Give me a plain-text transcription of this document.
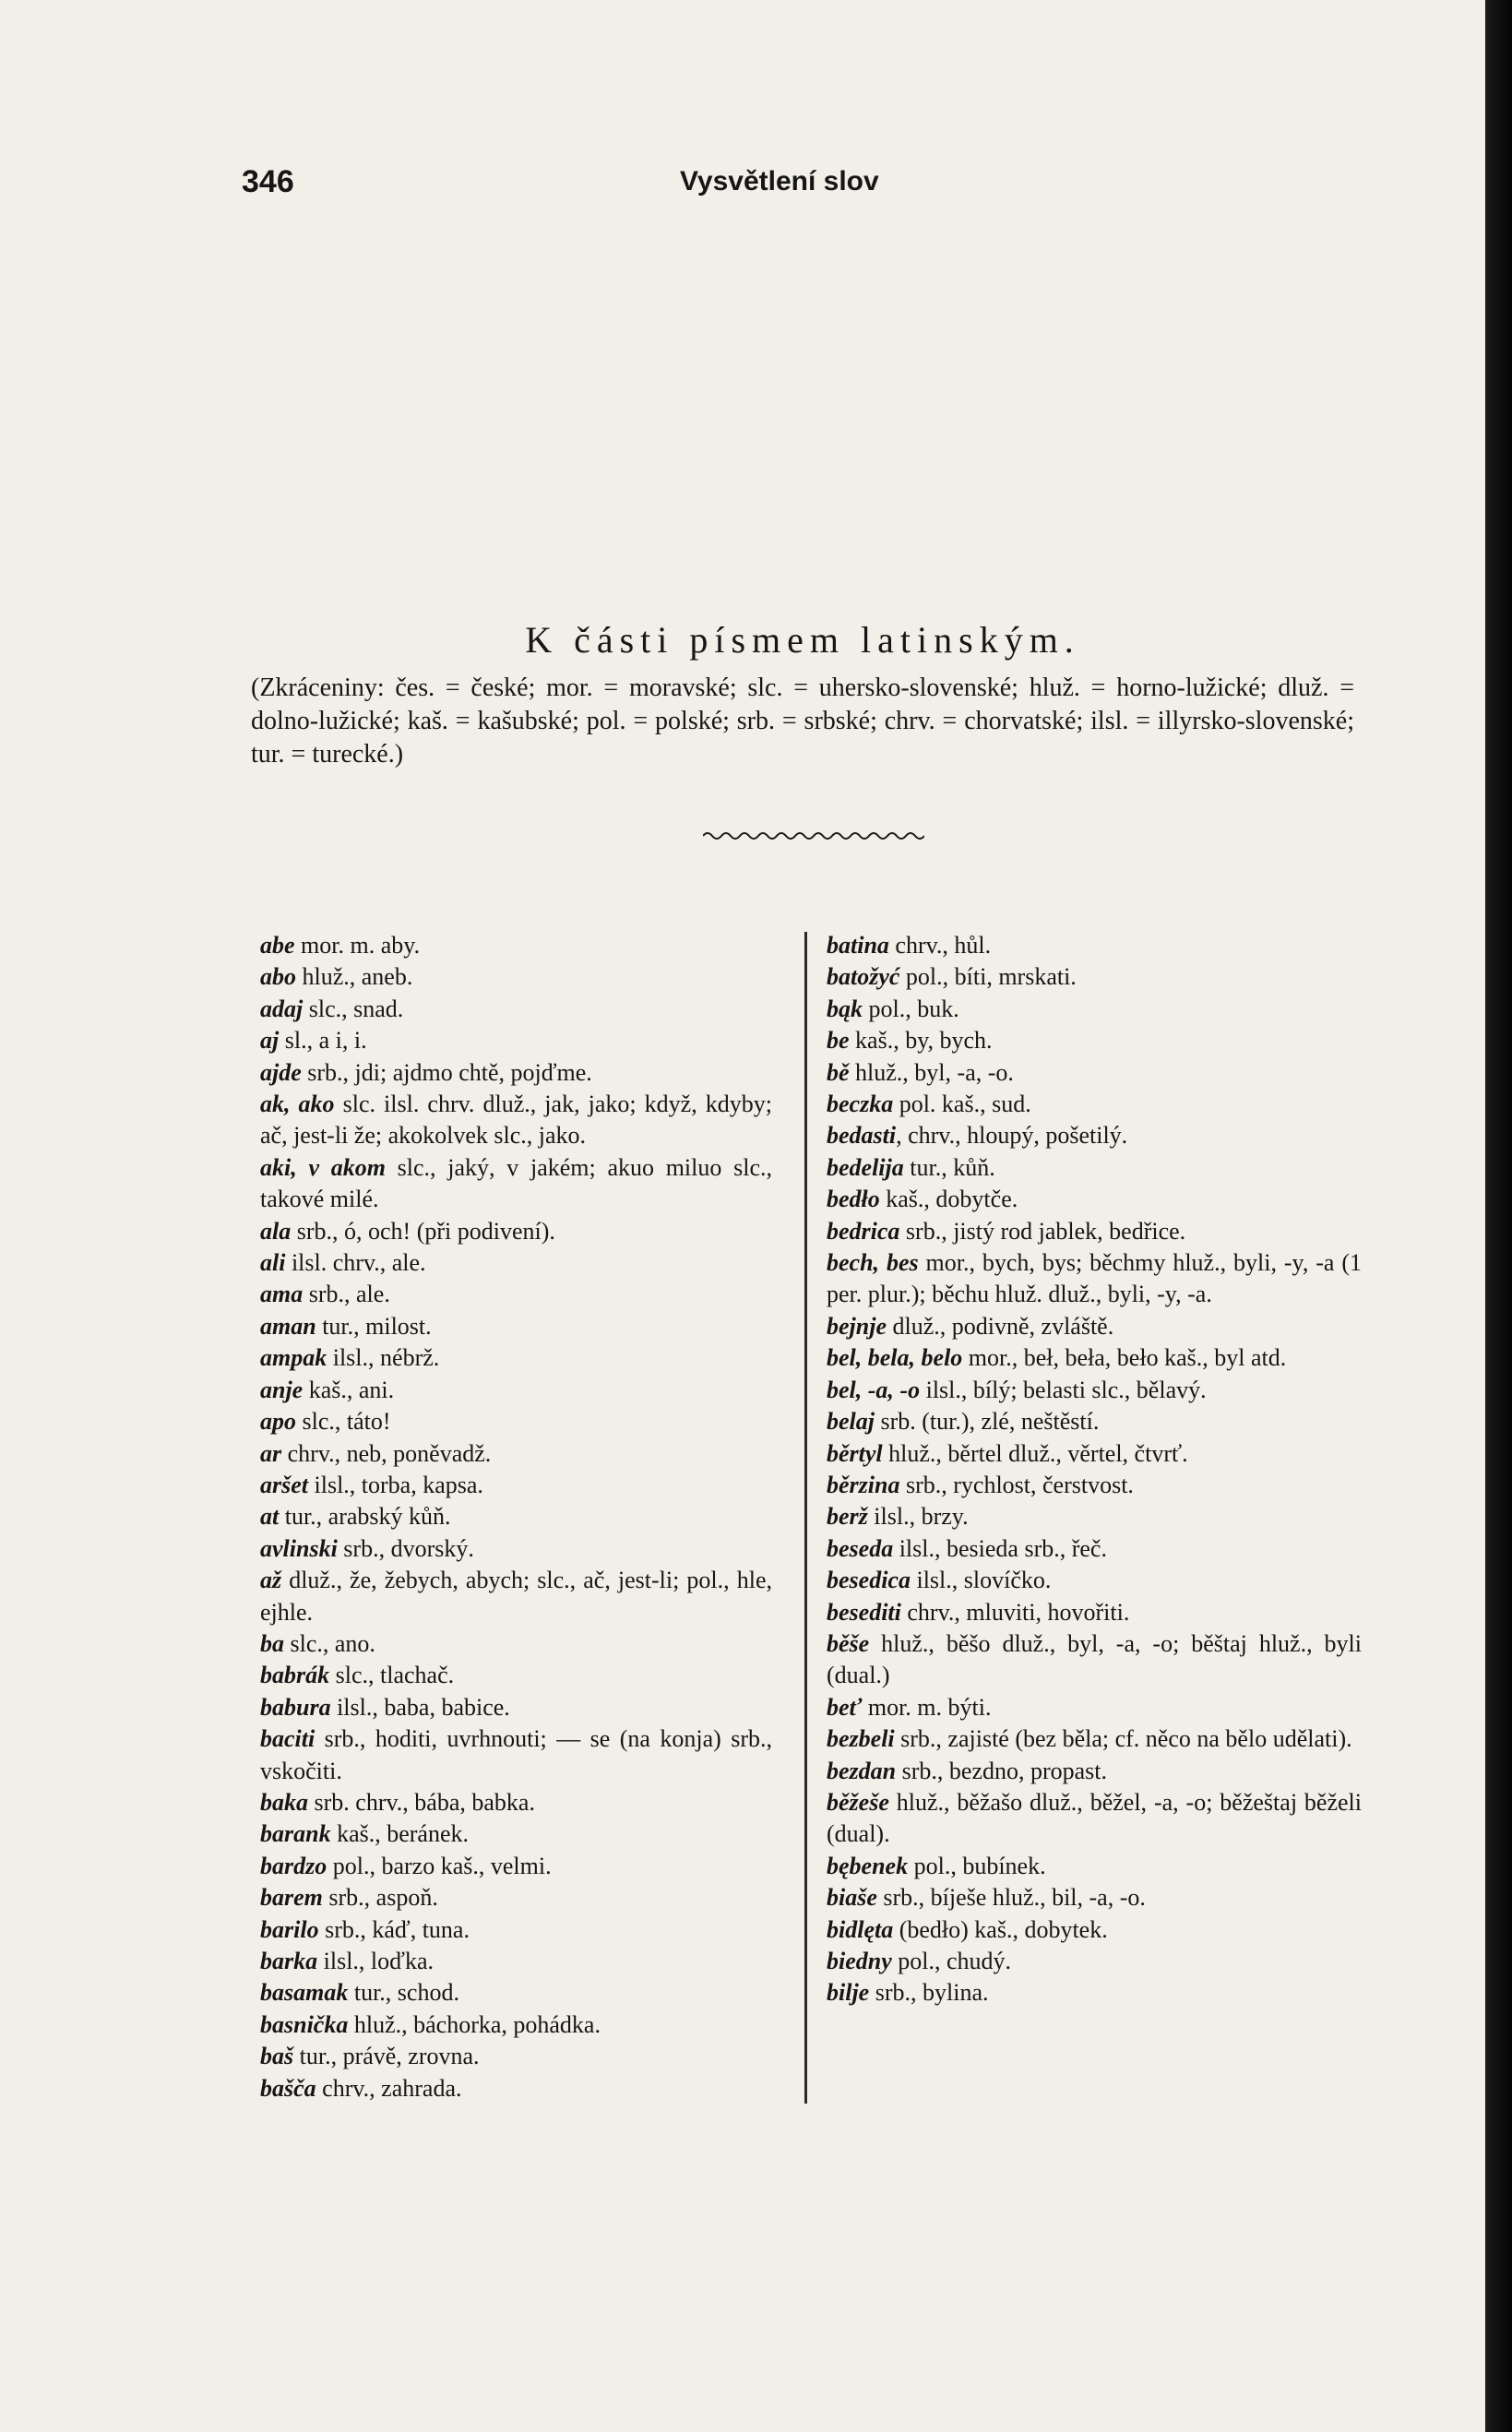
346	Vysvětlení slov
K části písmem latinským.
(Zkráceniny: čes. = české; mor. = moravské; slc. = uhersko-slovenské; hluž. = horno-lužické; dluž. = dolno-lužické; kaš. = kašubské; pol. = polské; srb. = srbské; chrv. = chorvatské; ilsl. = illyrsko-slovenské; tur. = turecké.)
abe mor. m. aby.
abo hluž., aneb.
adaj slc., snad.
aj sl., a i, i.
ajde srb., jdi; ajdmo chtě, pojďme.
ak, ako slc. ilsl. chrv. dluž., jak, jako; když, kdyby; ač, jest-li že; akokolvek slc., jako.
aki, v akom slc., jaký, v jakém; akuo miluo slc., takové milé.
ala srb., ó, och! (při podivení).
ali ilsl. chrv., ale.
ama srb., ale.
aman tur., milost.
ampak ilsl., nébrž.
anje kaš., ani.
apo slc., táto!
ar chrv., neb, poněvadž.
aršet ilsl., torba, kapsa.
at tur., arabský kůň.
avlinski srb., dvorský.
až dluž., že, žebych, abych; slc., ač, jest-li; pol., hle, ejhle.
ba slc., ano.
babrák slc., tlachač.
babura ilsl., baba, babice.
baciti srb., hoditi, uvrhnouti; — se (na konja) srb., vskočiti.
baka srb. chrv., bába, babka.
barank kaš., beránek.
bardzo pol., barzo kaš., velmi.
barem srb., aspoň.
barilo srb., káď, tuna.
barka ilsl., loďka.
basamak tur., schod.
basnička hluž., báchorka, pohádka.
baš tur., právě, zrovna.
bašča chrv., zahrada.
batina chrv., hůl.
batožyć pol., bíti, mrskati.
bąk pol., buk.
be kaš., by, bych.
bě hluž., byl, -a, -o.
beczka pol. kaš., sud.
bedasti, chrv., hloupý, pošetilý.
bedelija tur., kůň.
bedło kaš., dobytče.
bedrica srb., jistý rod jablek, bedřice.
bech, bes mor., bych, bys; běchmy hluž., byli, -y, -a (1 per. plur.); běchu hluž. dluž., byli, -y, -a.
bejnje dluž., podivně, zvláště.
bel, bela, belo mor., beł, beła, beło kaš., byl atd.
bel, -a, -o ilsl., bílý; belasti slc., bělavý.
belaj srb. (tur.), zlé, neštěstí.
běrtyl hluž., běrtel dluž., věrtel, čtvrť.
běrzina srb., rychlost, čerstvost.
berž ilsl., brzy.
beseda ilsl., besieda srb., řeč.
besedica ilsl., slovíčko.
besediti chrv., mluviti, hovořiti.
běše hluž., běšo dluž., byl, -a, -o; běštaj hluž., byli (dual.)
beť mor. m. býti.
bezbeli srb., zajisté (bez běla; cf. něco na bělo udělati).
bezdan srb., bezdno, propast.
běžeše hluž., běžašo dluž., běžel, -a, -o; běžeštaj běželi (dual).
bębenek pol., bubínek.
biaše srb., bíješe hluž., bil, -a, -o.
bidlęta (bedło) kaš., dobytek.
biedny pol., chudý.
bilje srb., bylina.
